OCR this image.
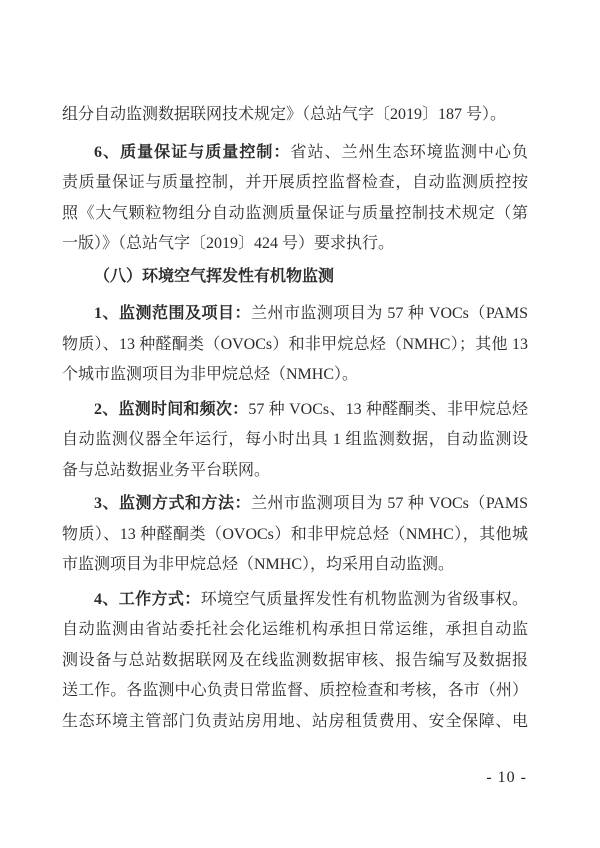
组分自动监测数据联网技术规定》（总站气字〔2019〕187 号）。
6、质量保证与质量控制：省站、兰州生态环境监测中心负
责质量保证与质量控制，并开展质控监督检查，自动监测质控按
照《大气颗粒物组分自动监测质量保证与质量控制技术规定（第
一版）》（总站气字〔2019〕424 号）要求执行。
（八）环境空气挥发性有机物监测
1、监测范围及项目：兰州市监测项目为 57 种 VOCs（PAMS
物质）、13 种醛酮类（OVOCs）和非甲烷总烃（NMHC）；其他 13
个城市监测项目为非甲烷总烃（NMHC）。
2、监测时间和频次：57 种 VOCs、13 种醛酮类、非甲烷总烃
自动监测仪器全年运行，每小时出具 1 组监测数据，自动监测设
备与总站数据业务平台联网。
3、监测方式和方法：兰州市监测项目为 57 种 VOCs（PAMS
物质）、13 种醛酮类（OVOCs）和非甲烷总烃（NMHC），其他城
市监测项目为非甲烷总烃（NMHC），均采用自动监测。
4、工作方式：环境空气质量挥发性有机物监测为省级事权。
自动监测由省站委托社会化运维机构承担日常运维，承担自动监
测设备与总站数据联网及在线监测数据审核、报告编写及数据报
送工作。各监测中心负责日常监督、质控检查和考核，各市（州）
生态环境主管部门负责站房用地、站房租赁费用、安全保障、电
- 10 -
